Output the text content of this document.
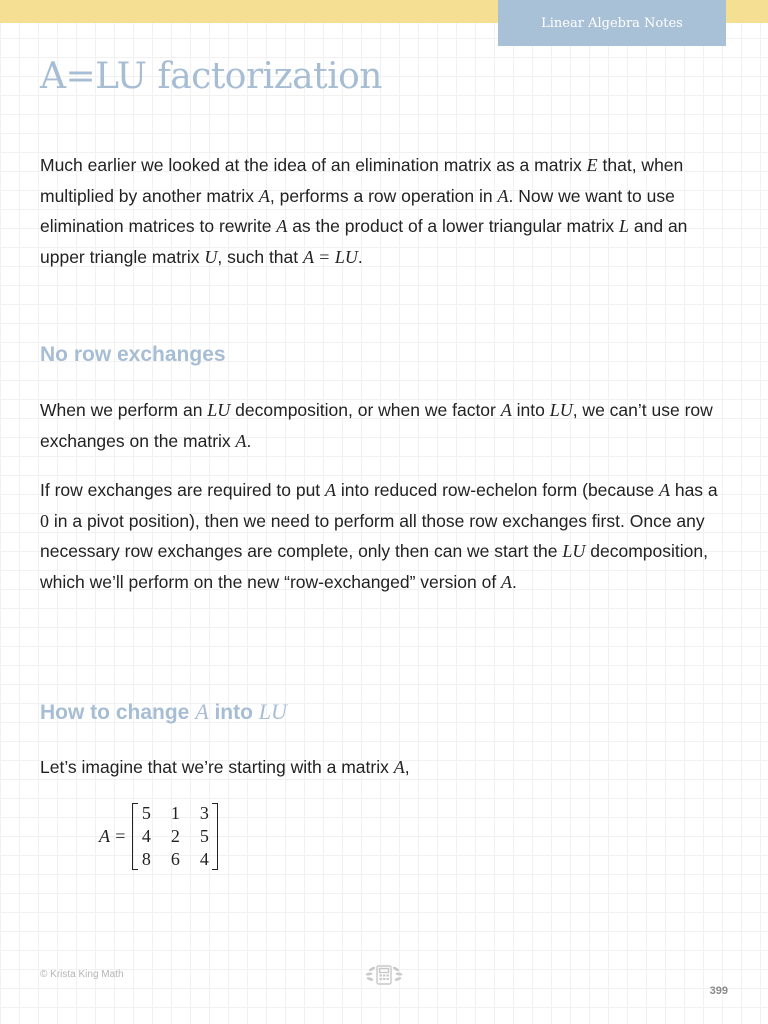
Linear Algebra Notes
A=LU factorization

Much earlier we looked at the idea of an elimination matrix as a matrix E that, when multiplied by another matrix A, performs a row operation in A. Now we want to use elimination matrices to rewrite A as the product of a lower triangular matrix L and an upper triangle matrix U, such that A = LU.

No row exchanges

When we perform an LU decomposition, or when we factor A into LU, we can’t use row exchanges on the matrix A.

If row exchanges are required to put A into reduced row-echelon form (because A has a 0 in a pivot position), then we need to perform all those row exchanges first. Once any necessary row exchanges are complete, only then can we start the LU decomposition, which we’ll perform on the new “row-exchanged” version of A.

How to change A into LU

Let’s imagine that we’re starting with a matrix A,

A =
5 1 3
4 2 5
8 6 4
© Krista King Math
399
